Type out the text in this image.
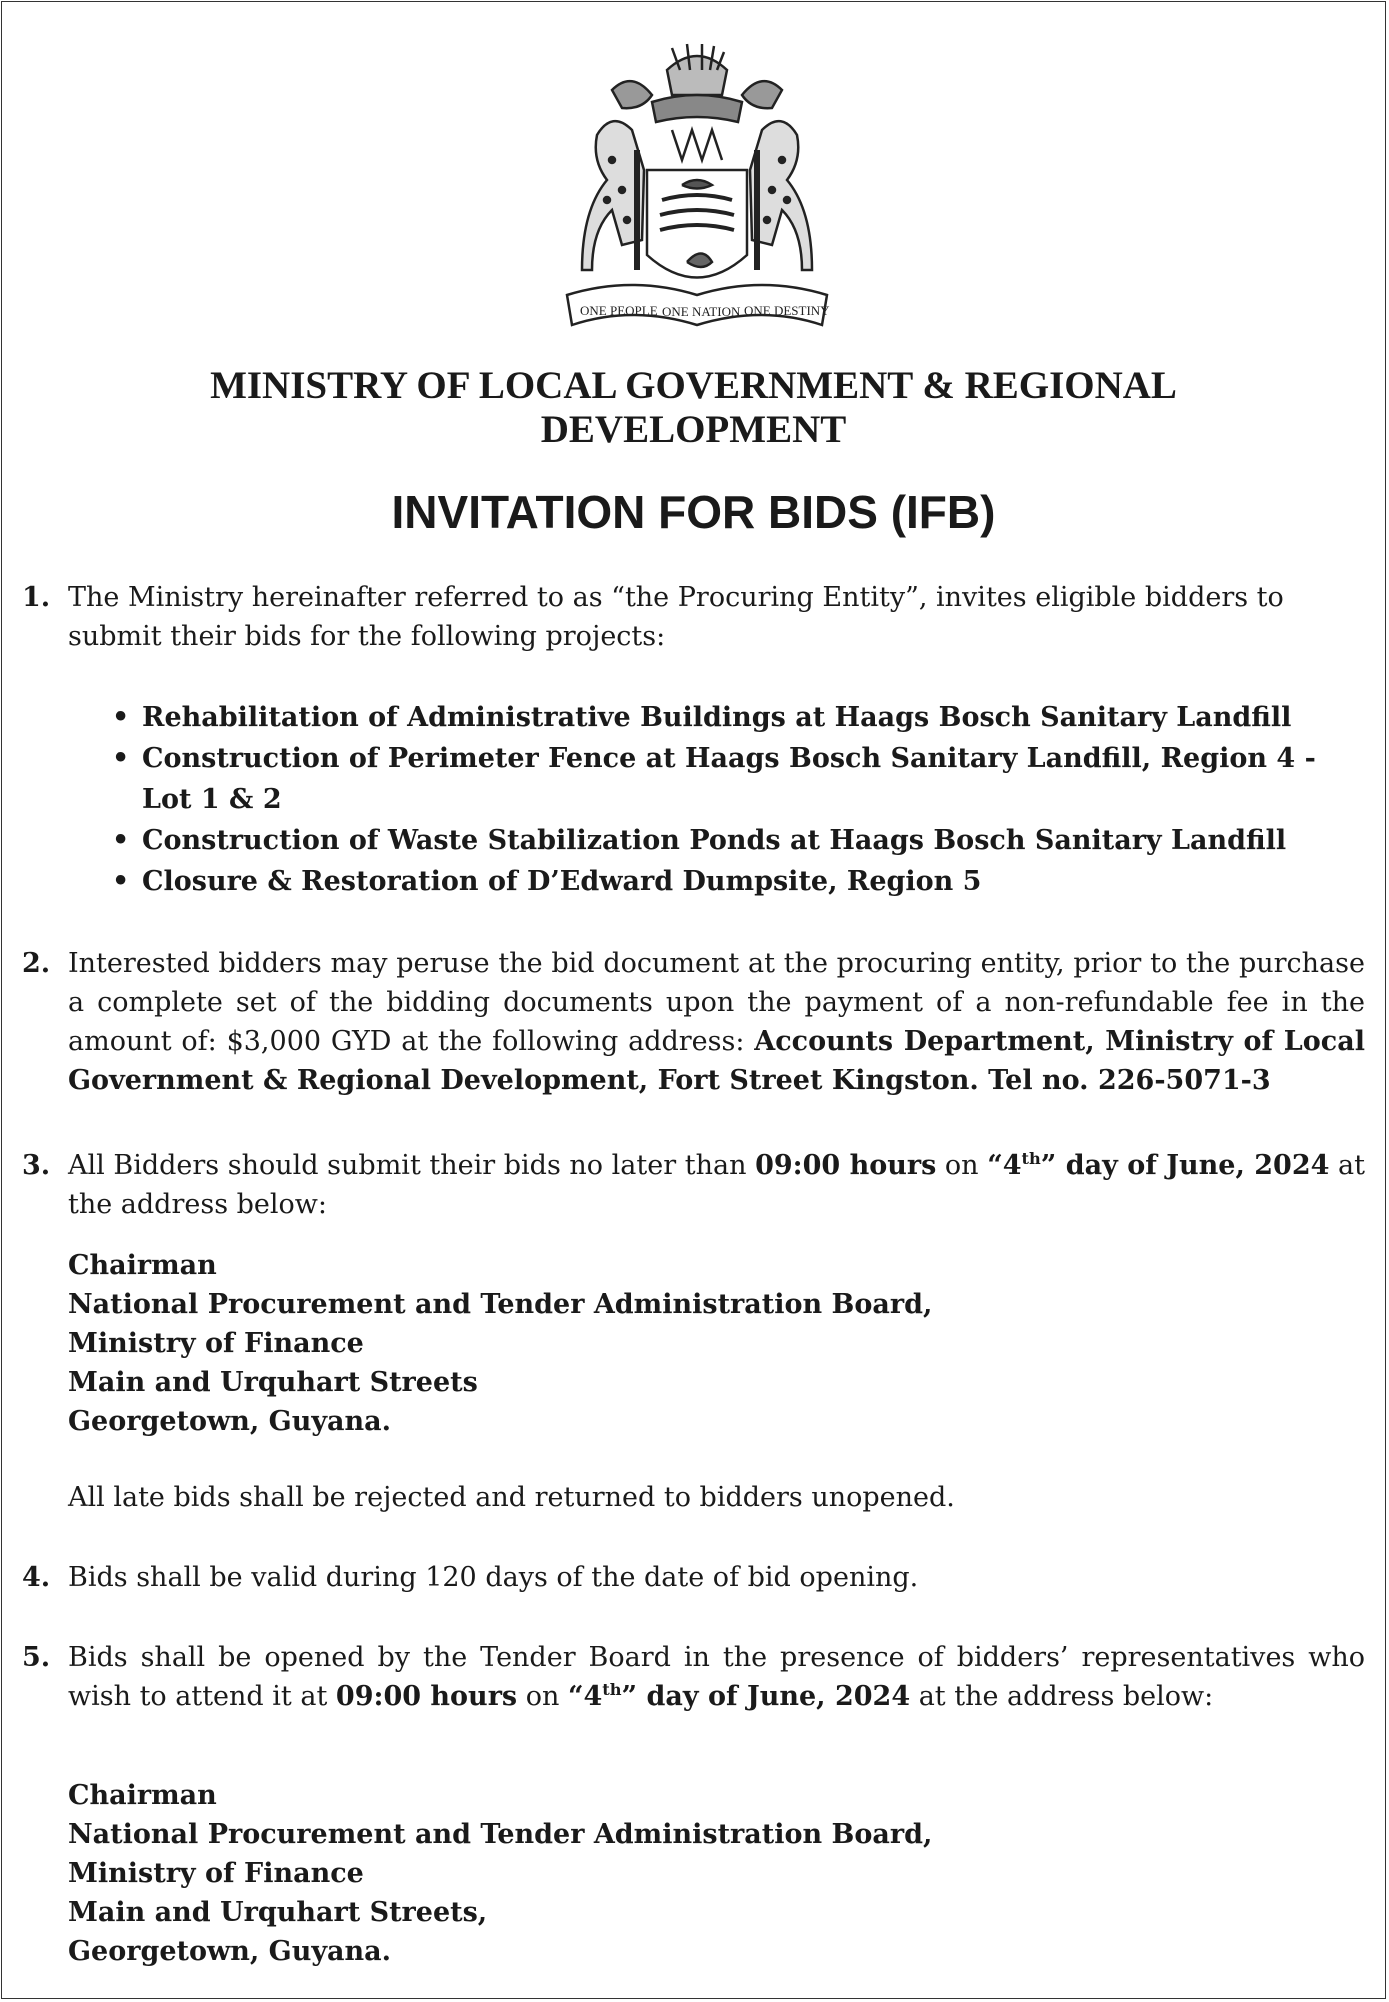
ONE PEOPLE ONE NATION ONE DESTINY
MINISTRY OF LOCAL GOVERNMENT & REGIONAL
DEVELOPMENT
INVITATION FOR BIDS (IFB)
1. The Ministry hereinafter referred to as “the Procuring Entity”, invites eligible bidders to submit their bids for the following projects:
• Rehabilitation of Administrative Buildings at Haags Bosch Sanitary Landfill
• Construction of Perimeter Fence at Haags Bosch Sanitary Landfill, Region 4 - Lot 1 & 2
• Construction of Waste Stabilization Ponds at Haags Bosch Sanitary Landfill
• Closure & Restoration of D’Edward Dumpsite, Region 5
2. Interested bidders may peruse the bid document at the procuring entity, prior to the purchase a complete set of the bidding documents upon the payment of a non-refundable fee in the amount of: $3,000 GYD at the following address: Accounts Department, Ministry of Local Government & Regional Development, Fort Street Kingston. Tel no. 226-5071-3
3. All Bidders should submit their bids no later than 09:00 hours on “4th” day of June, 2024 at the address below:
Chairman
National Procurement and Tender Administration Board,
Ministry of Finance
Main and Urquhart Streets
Georgetown, Guyana.
All late bids shall be rejected and returned to bidders unopened.
4. Bids shall be valid during 120 days of the date of bid opening.
5. Bids shall be opened by the Tender Board in the presence of bidders’ representatives who wish to attend it at 09:00 hours on “4th” day of June, 2024 at the address below:
Chairman
National Procurement and Tender Administration Board,
Ministry of Finance
Main and Urquhart Streets,
Georgetown, Guyana.
